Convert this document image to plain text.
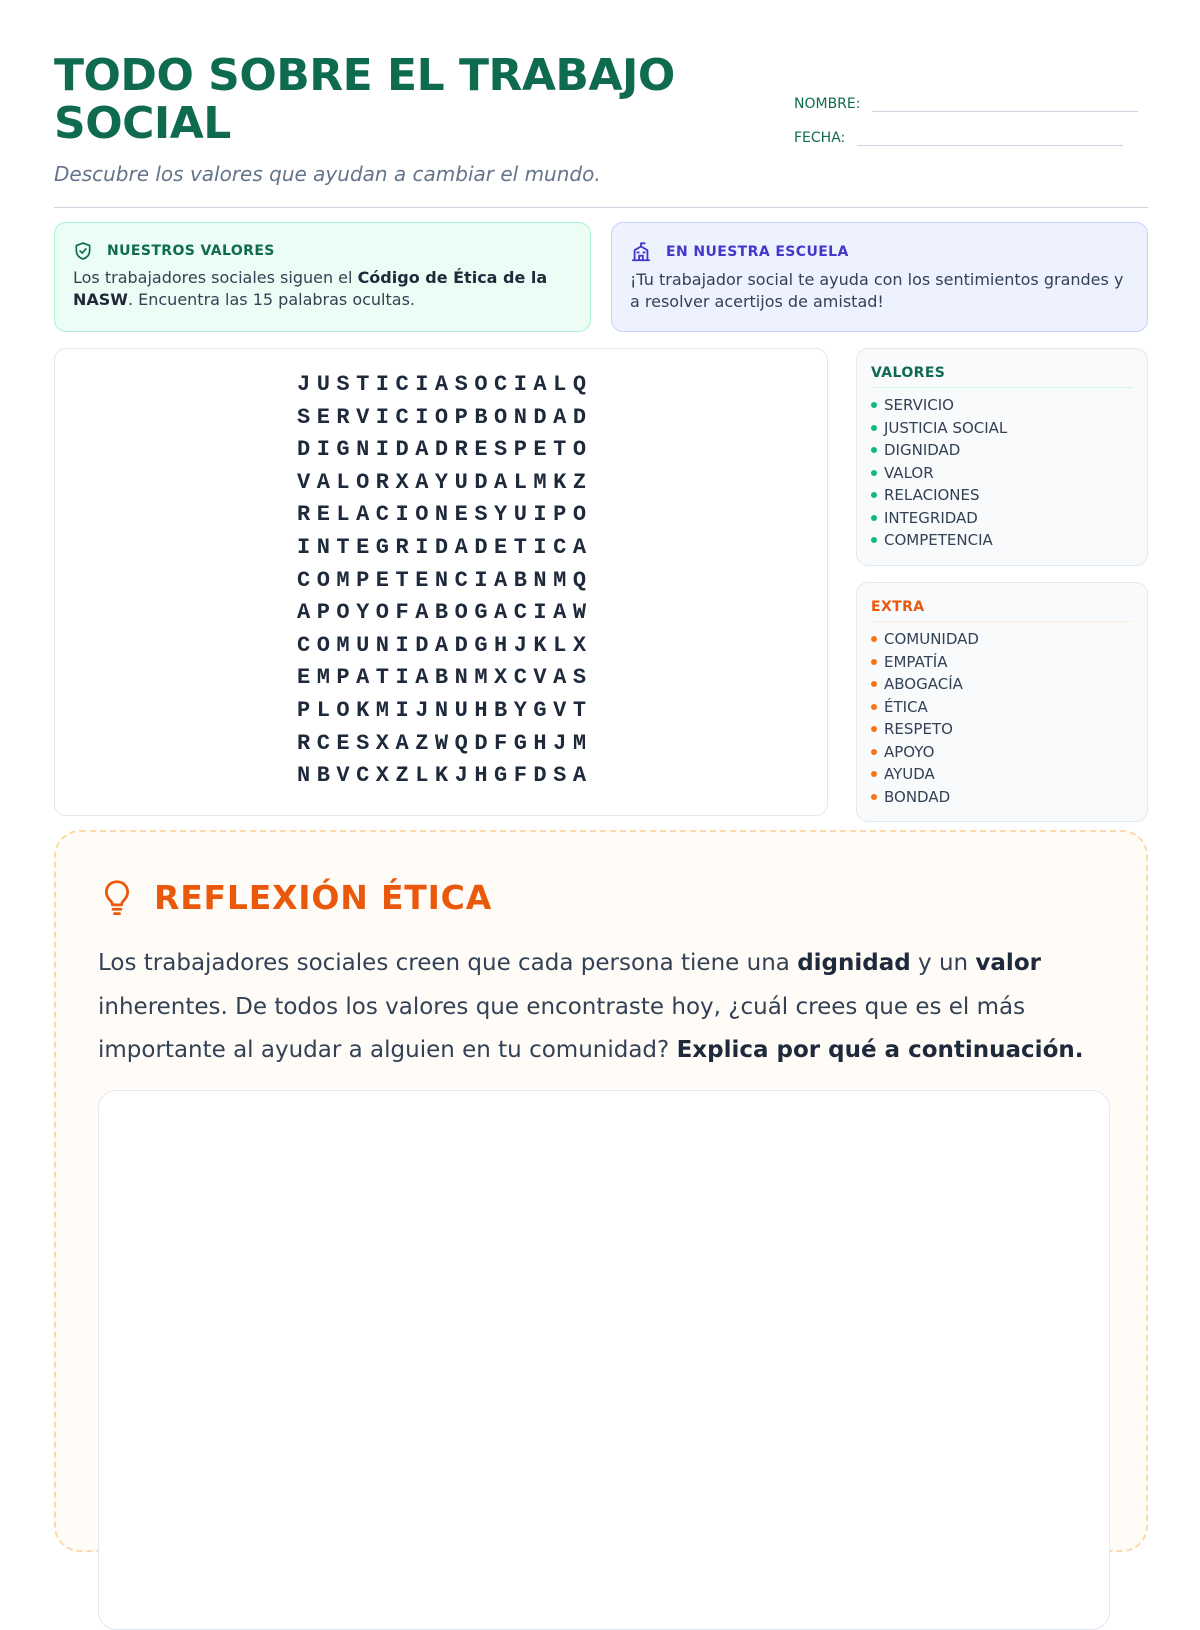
TODO SOBRE EL TRABAJO
SOCIAL

Descubre los valores que ayudan a cambiar el mundo.

NOMBRE:
FECHA:
NUESTROS VALORES
Los trabajadores sociales siguen el Código de Ética de la NASW. Encuentra las 15 palabras ocultas.
EN NUESTRA ESCUELA
¡Tu trabajador social te ayuda con los sentimientos grandes y a resolver acertijos de amistad!
JUSTICIASOCIALQ
SERVICIOPBONDAD
DIGNIDADRESPETO
VALORXAYUDALMKZ
RELACIONESYUIPO
INTEGRIDADETICA
COMPETENCIABNMQ
APOYOFABOGACIAW
COMUNIDADGHJKLX
EMPATIABNMXCVAS
PLOKMIJNUHBYGVT
RCESXAZWQDFGHJM
NBVCXZLKJHGFDSA
VALORES
SERVICIO
JUSTICIA SOCIAL
DIGNIDAD
VALOR
RELACIONES
INTEGRIDAD
COMPETENCIA
EXTRA
COMUNIDAD
EMPATÍA
ABOGACÍA
ÉTICA
RESPETO
APOYO
AYUDA
BONDAD
REFLEXIÓN ÉTICA

Los trabajadores sociales creen que cada persona tiene una dignidad y un valor inherentes. De todos los valores que encontraste hoy, ¿cuál crees que es el más importante al ayudar a alguien en tu comunidad? Explica por qué a continuación.
